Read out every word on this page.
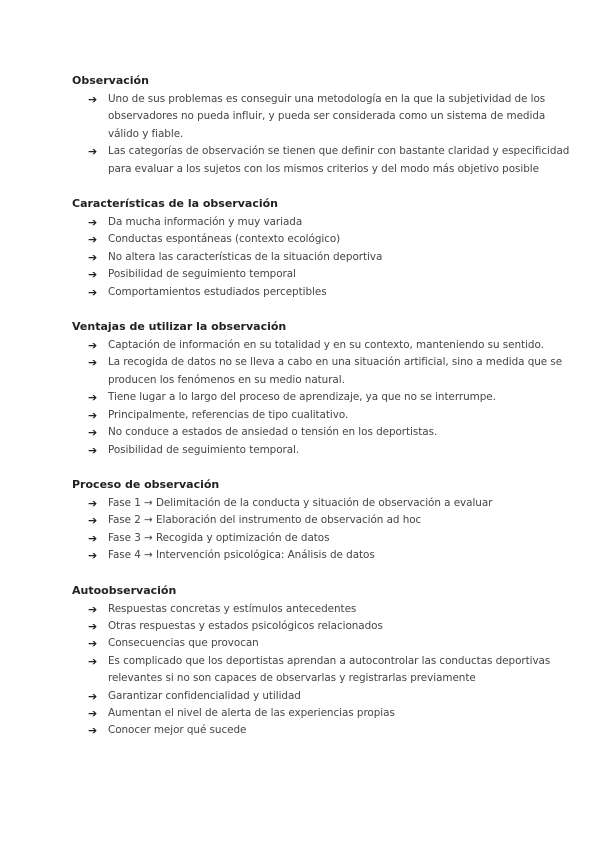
Observación
➔ Uno de sus problemas es conseguir una metodología en la que la subjetividad de los observadores no pueda influir, y pueda ser considerada como un sistema de medida válido y fiable.
➔ Las categorías de observación se tienen que definir con bastante claridad y especificidad para evaluar a los sujetos con los mismos criterios y del modo más objetivo posible
Características de la observación
➔ Da mucha información y muy variada
➔ Conductas espontáneas (contexto ecológico)
➔ No altera las características de la situación deportiva
➔ Posibilidad de seguimiento temporal
➔ Comportamientos estudiados perceptibles
Ventajas de utilizar la observación
➔ Captación de información en su totalidad y en su contexto, manteniendo su sentido.
➔ La recogida de datos no se lleva a cabo en una situación artificial, sino a medida que se producen los fenómenos en su medio natural.
➔ Tiene lugar a lo largo del proceso de aprendizaje, ya que no se interrumpe.
➔ Principalmente, referencias de tipo cualitativo.
➔ No conduce a estados de ansiedad o tensión en los deportistas.
➔ Posibilidad de seguimiento temporal.
Proceso de observación
➔ Fase 1 → Delimitación de la conducta y situación de observación a evaluar
➔ Fase 2 → Elaboración del instrumento de observación ad hoc
➔ Fase 3 → Recogida y optimización de datos
➔ Fase 4 → Intervención psicológica: Análisis de datos
Autoobservación
➔ Respuestas concretas y estímulos antecedentes
➔ Otras respuestas y estados psicológicos relacionados
➔ Consecuencias que provocan
➔ Es complicado que los deportistas aprendan a autocontrolar las conductas deportivas relevantes si no son capaces de observarlas y registrarlas previamente
➔ Garantizar confidencialidad y utilidad
➔ Aumentan el nivel de alerta de las experiencias propias
➔ Conocer mejor qué sucede
